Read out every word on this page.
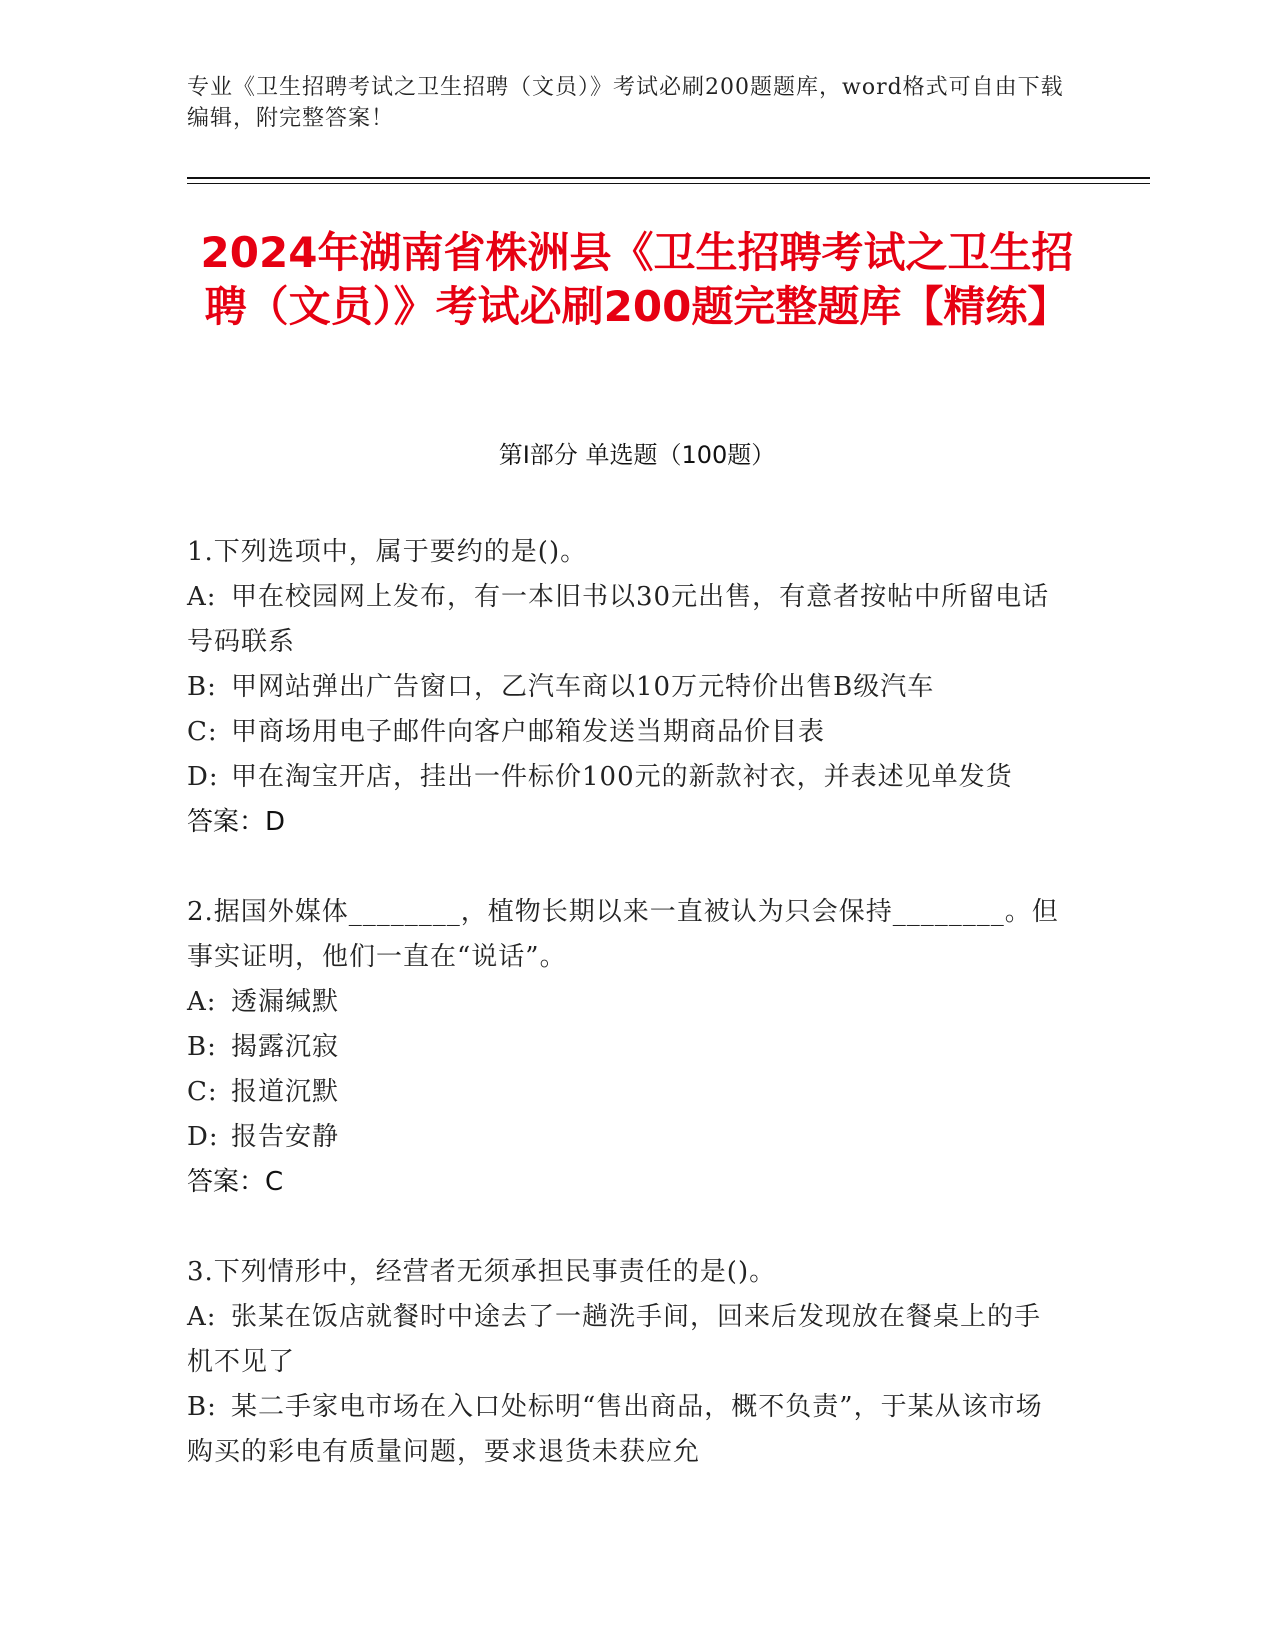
专业《卫生招聘考试之卫生招聘（文员）》考试必刷200题题库，word格式可自由下载编辑，附完整答案！
2024年湖南省株洲县《卫生招聘考试之卫生招聘（文员）》考试必刷200题完整题库【精练】
第Ⅰ部分 单选题（100题）
1.下列选项中，属于要约的是()。
A: 甲在校园网上发布，有一本旧书以30元出售，有意者按帖中所留电话号码联系
B: 甲网站弹出广告窗口，乙汽车商以10万元特价出售B级汽车
C: 甲商场用电子邮件向客户邮箱发送当期商品价目表
D: 甲在淘宝开店，挂出一件标价100元的新款衬衣，并表述见单发货
答案：D
2.据国外媒体________，植物长期以来一直被认为只会保持________。但事实证明，他们一直在“说话”。
A: 透漏缄默
B: 揭露沉寂
C: 报道沉默
D: 报告安静
答案：C
3.下列情形中，经营者无须承担民事责任的是()。
A: 张某在饭店就餐时中途去了一趟洗手间，回来后发现放在餐桌上的手机不见了
B: 某二手家电市场在入口处标明“售出商品，概不负责”，于某从该市场购买的彩电有质量问题，要求退货未获应允
